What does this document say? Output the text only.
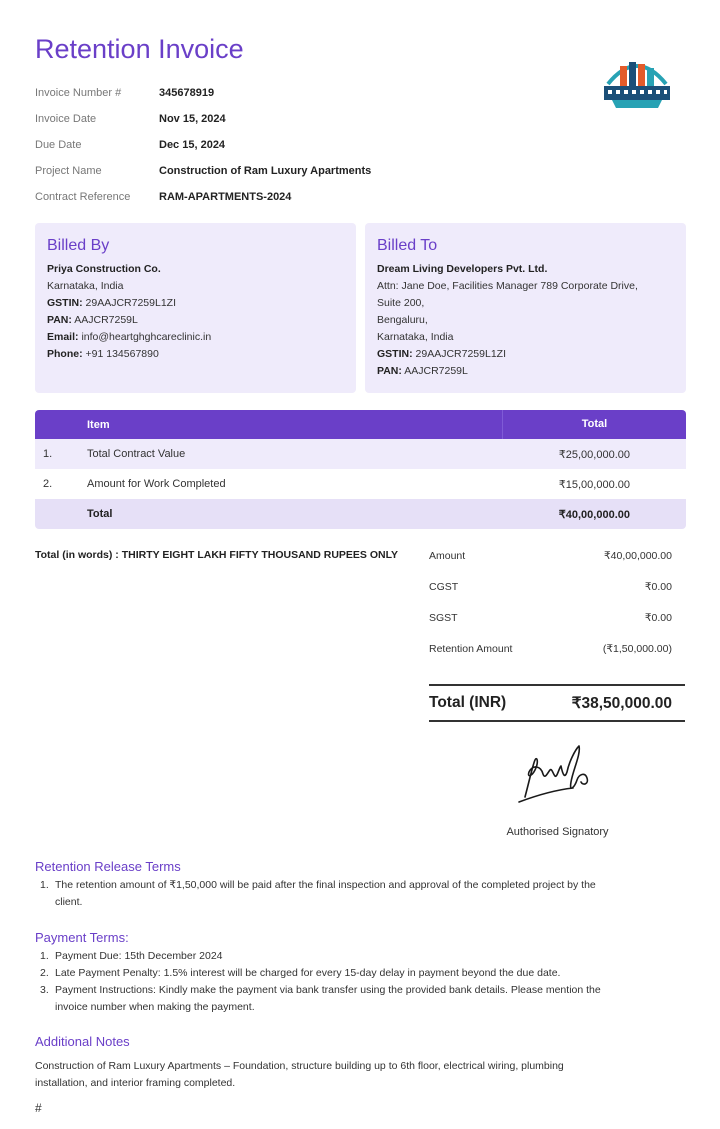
Retention Invoice
Invoice Number #	34567891​9
Invoice Date	Nov 15, 2024
Due Date	Dec 15, 2024
Project Name	Construction of Ram Luxury Apartments
Contract Reference	RAM-APARTMENTS-2024
Billed By
Priya Construction Co.
Karnataka, India
GSTIN: 29AAJCR7259L1ZI
PAN: AAJCR7259L
Email: info@heartghghcareclinic.in
Phone: +91 134567890
Billed To
Dream Living Developers Pvt. Ltd.
Attn: Jane Doe, Facilities Manager 789 Corporate Drive,
Suite 200,
Bengaluru,
Karnataka, India
GSTIN: 29AAJCR7259L1ZI
PAN: AAJCR7259L
Item	Total
1.	Total Contract Value	₹25,00,000.00
2.	Amount for Work Completed	₹15,00,000.00
Total	₹40,00,000.00
Total (in words) : THIRTY EIGHT LAKH FIFTY THOUSAND RUPEES ONLY	Amount	₹40,00,000.00
CGST	₹0.00
SGST	₹0.00
Retention Amount	(₹1,50,000.00)
Total (INR)	₹38,50,000.00
Authorised Signatory
Retention Release Terms
1. The retention amount of ₹1,50,000 will be paid after the final inspection and approval of the completed project by the
client.
Payment Terms:
1. Payment Due: 15th December 2024
2. Late Payment Penalty: 1.5% interest will be charged for every 15-day delay in payment beyond the due date.
3. Payment Instructions: Kindly make the payment via bank transfer using the provided bank details. Please mention the
invoice number when making the payment.
Additional Notes
Construction of Ram Luxury Apartments – Foundation, structure building up to 6th floor, electrical wiring, plumbing
installation, and interior framing completed.
#
